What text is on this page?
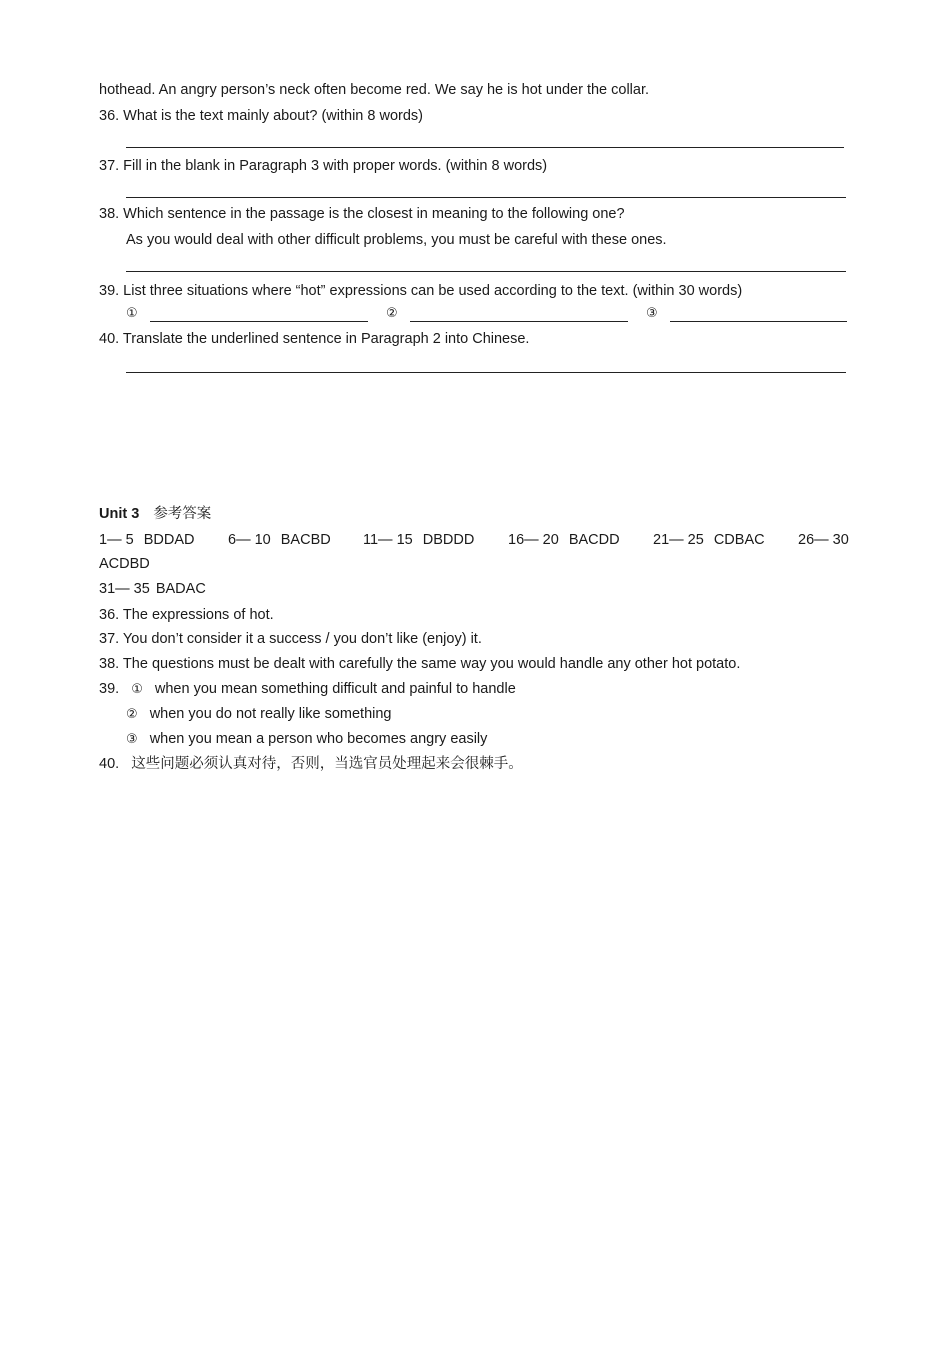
hothead. An angry person’s neck often become red. We say he is hot under the collar.
36. What is the text mainly about? (within 8 words)
37. Fill in the blank in Paragraph 3 with proper words. (within 8 words)
38. Which sentence in the passage is the closest in meaning to the following one?
As you would deal with other difficult problems, you must be careful with these ones.
39. List three situations where “hot” expressions can be used according to the text. (within 30 words)
①	②	③
40. Translate the underlined sentence in Paragraph 2 into Chinese.
Unit 3 参考答案
1— 5 BDDAD 6— 10 BACBD 11— 15 DBDDD 16— 20 BACDD 21— 25 CDBAC 26— 30
ACDBD
31— 35 BADAC
36. The expressions of hot.
37. You don’t consider it a success / you don’t like (enjoy) it.
38. The questions must be dealt with carefully the same way you would handle any other hot potato.
39. ① when you mean something difficult and painful to handle
② when you do not really like something
③ when you mean a person who becomes angry easily
40. 这些问题必须认真对待，否则，当选官员处理起来会很棘手。
